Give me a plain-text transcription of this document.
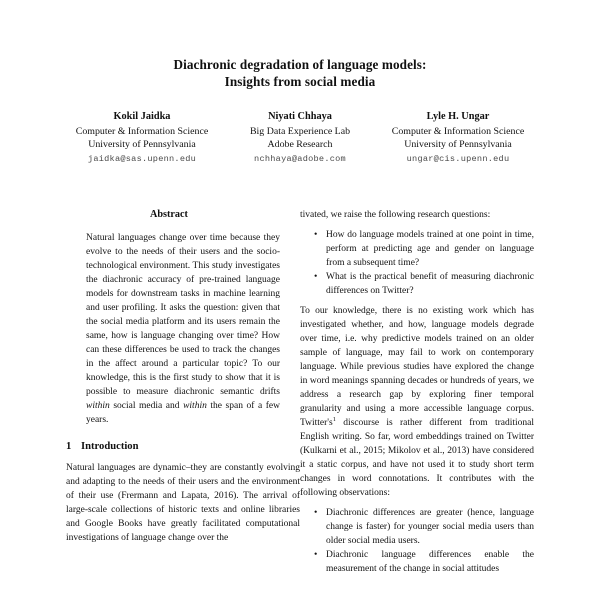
Diachronic degradation of language models:
Insights from social media
Kokil Jaidka
Computer & Information Science
University of Pennsylvania
jaidka@sas.upenn.edu
Niyati Chhaya
Big Data Experience Lab
Adobe Research
nchhaya@adobe.com
Lyle H. Ungar
Computer & Information Science
University of Pennsylvania
ungar@cis.upenn.edu
Abstract

Natural languages change over time because they evolve to the needs of their users and the socio-technological environment. This study investigates the diachronic accuracy of pre-trained language models for downstream tasks in machine learning and user profiling. It asks the question: given that the social media platform and its users remain the same, how is language changing over time? How can these differences be used to track the changes in the affect around a particular topic? To our knowledge, this is the first study to show that it is possible to measure diachronic semantic drifts within social media and within the span of a few years.

1 Introduction

Natural languages are dynamic–they are constantly evolving and adapting to the needs of their users and the environment of their use (Frermann and Lapata, 2016). The arrival of large-scale collections of historic texts and online libraries and Google Books have greatly facilitated computational investigations of language change over the

tivated, we raise the following research questions:

• How do language models trained at one point in time, perform at predicting age and gender on language from a subsequent time?
• What is the practical benefit of measuring diachronic differences on Twitter?

To our knowledge, there is no existing work which has investigated whether, and how, language models degrade over time, i.e. why predictive models trained on an older sample of language, may fail to work on contemporary language. While previous studies have explored the change in word meanings spanning decades or hundreds of years, we address a research gap by exploring finer temporal granularity and using a more accessible language corpus. Twitter's$^1$ discourse is rather different from traditional English writing. So far, word embeddings trained on Twitter (Kulkarni et al., 2015; Mikolov et al., 2013) have considered it a static corpus, and have not used it to study short term changes in word connotations. It contributes with the following observations:

• Diachronic differences are greater (hence, language change is faster) for younger social media users than older social media users.
• Diachronic language differences enable the measurement of the change in social attitudes
